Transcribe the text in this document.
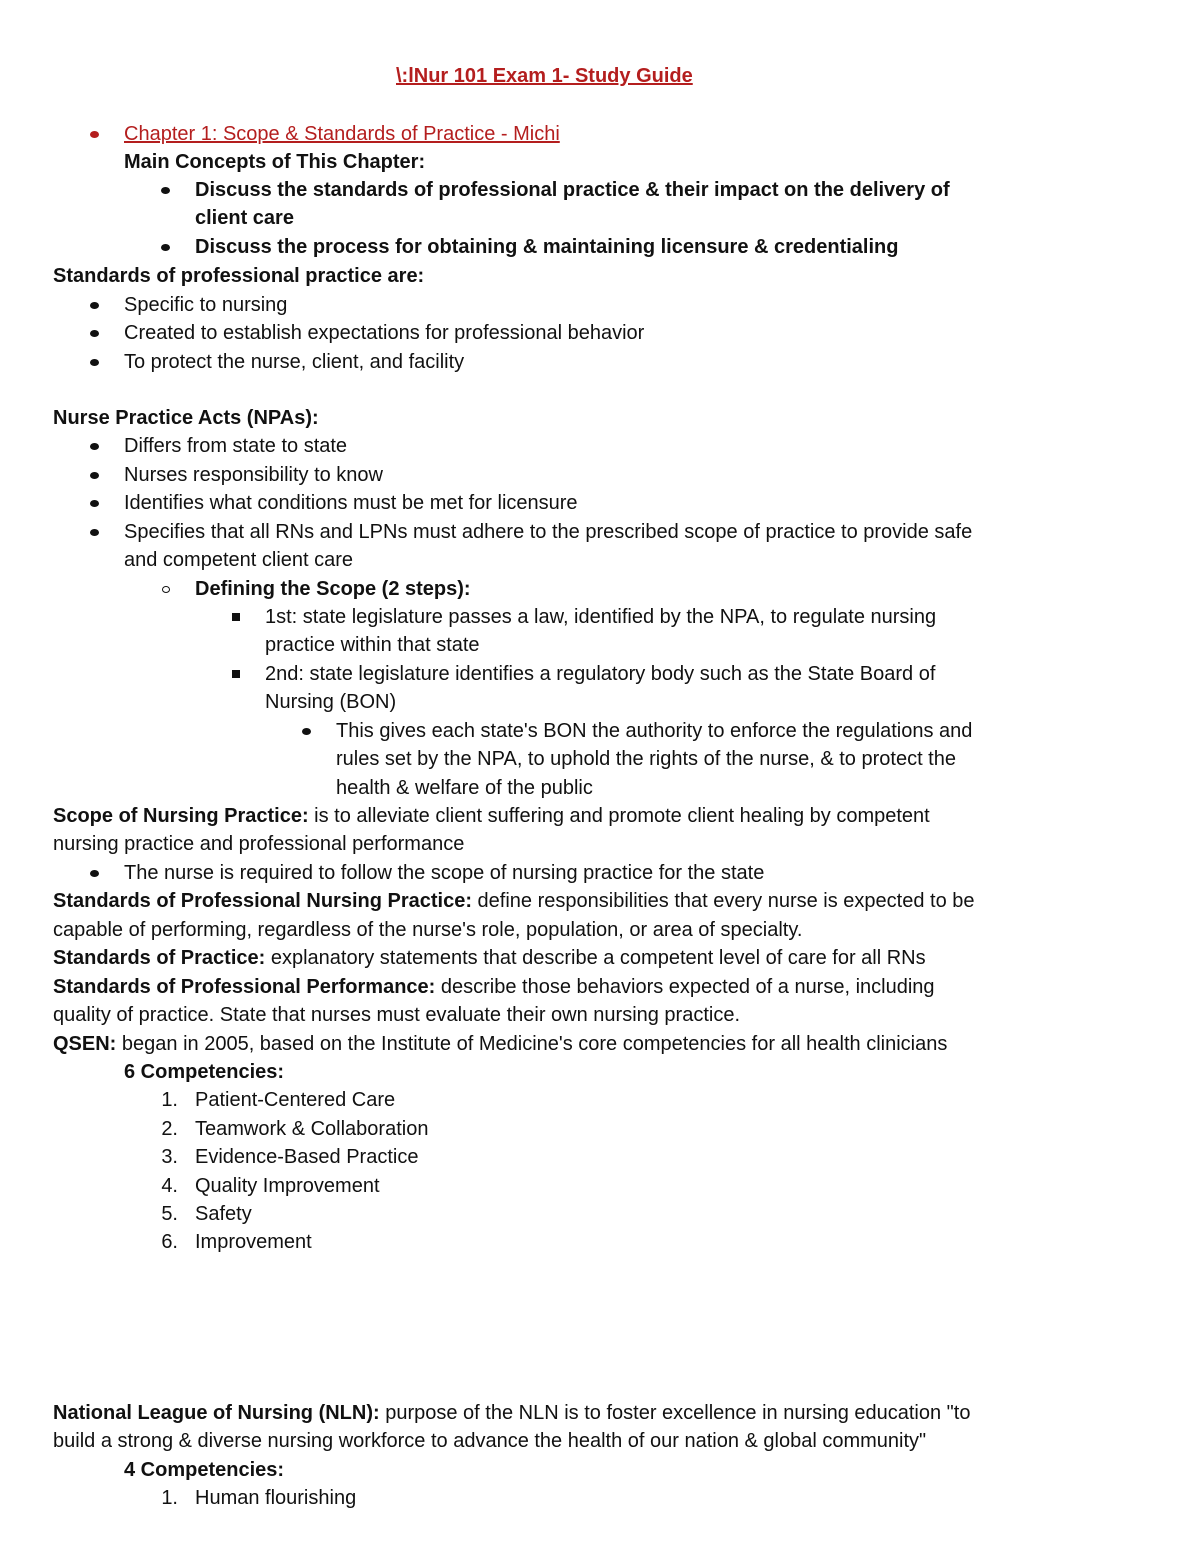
\:lNur 101 Exam 1- Study Guide
Chapter 1: Scope & Standards of Practice - Michi
Main Concepts of This Chapter:
Discuss the standards of professional practice & their impact on the delivery of
client care
Discuss the process for obtaining & maintaining licensure & credentialing
Standards of professional practice are:
Specific to nursing
Created to establish expectations for professional behavior
To protect the nurse, client, and facility
Nurse Practice Acts (NPAs):
Differs from state to state
Nurses responsibility to know
Identifies what conditions must be met for licensure
Specifies that all RNs and LPNs must adhere to the prescribed scope of practice to provide safe
and competent client care
Defining the Scope (2 steps):
1st: state legislature passes a law, identified by the NPA, to regulate nursing
practice within that state
2nd: state legislature identifies a regulatory body such as the State Board of
Nursing (BON)
This gives each state's BON the authority to enforce the regulations and
rules set by the NPA, to uphold the rights of the nurse, & to protect the
health & welfare of the public
Scope of Nursing Practice: is to alleviate client suffering and promote client healing by competent
nursing practice and professional performance
The nurse is required to follow the scope of nursing practice for the state
Standards of Professional Nursing Practice: define responsibilities that every nurse is expected to be
capable of performing, regardless of the nurse's role, population, or area of specialty.
Standards of Practice: explanatory statements that describe a competent level of care for all RNs
Standards of Professional Performance: describe those behaviors expected of a nurse, including
quality of practice. State that nurses must evaluate their own nursing practice.
QSEN: began in 2005, based on the Institute of Medicine's core competencies for all health clinicians
6 Competencies:
1. Patient-Centered Care
2. Teamwork & Collaboration
3. Evidence-Based Practice
4. Quality Improvement
5. Safety
6. Improvement
National League of Nursing (NLN): purpose of the NLN is to foster excellence in nursing education "to
build a strong & diverse nursing workforce to advance the health of our nation & global community"
4 Competencies:
1. Human flourishing
